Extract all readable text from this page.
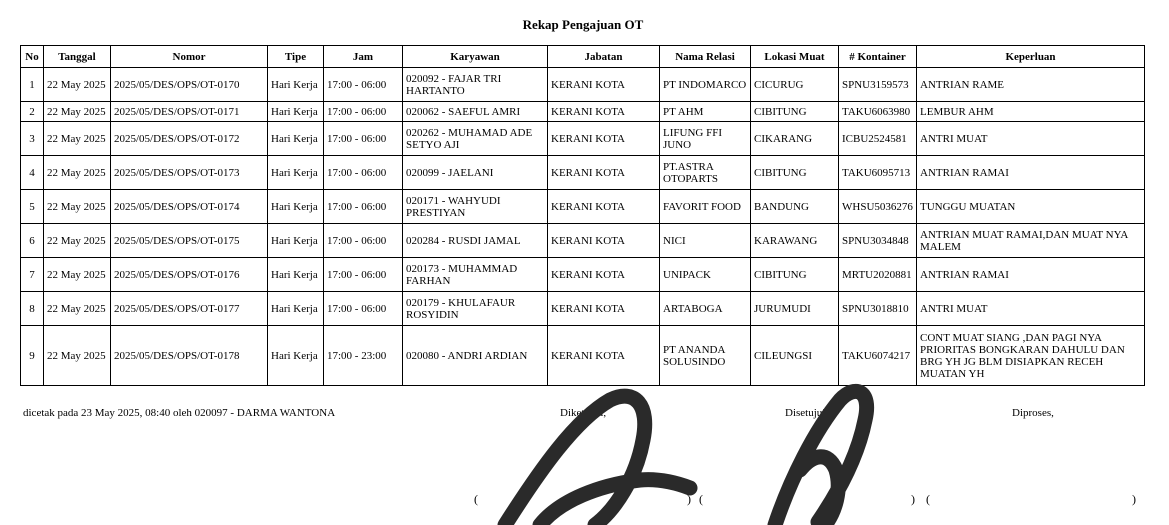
Rekap Pengajuan OT
No	Tanggal	Nomor	Tipe	Jam	Karyawan	Jabatan	Nama Relasi	Lokasi Muat	# Kontainer	Keperluan
1	22 May 2025	2025/05/DES/OPS/OT-0170	Hari Kerja	17:00 - 06:00	020092 - FAJAR TRI HARTANTO	KERANI KOTA	PT INDOMARCO	CICURUG	SPNU3159573	ANTRIAN RAME
2	22 May 2025	2025/05/DES/OPS/OT-0171	Hari Kerja	17:00 - 06:00	020062 - SAEFUL AMRI	KERANI KOTA	PT AHM	CIBITUNG	TAKU6063980	LEMBUR AHM
3	22 May 2025	2025/05/DES/OPS/OT-0172	Hari Kerja	17:00 - 06:00	020262 - MUHAMAD ADE SETYO AJI	KERANI KOTA	LIFUNG FFI JUNO	CIKARANG	ICBU2524581	ANTRI MUAT
4	22 May 2025	2025/05/DES/OPS/OT-0173	Hari Kerja	17:00 - 06:00	020099 - JAELANI	KERANI KOTA	PT.ASTRA OTOPARTS	CIBITUNG	TAKU6095713	ANTRIAN RAMAI
5	22 May 2025	2025/05/DES/OPS/OT-0174	Hari Kerja	17:00 - 06:00	020171 - WAHYUDI PRESTIYAN	KERANI KOTA	FAVORIT FOOD	BANDUNG	WHSU5036276	TUNGGU MUATAN
6	22 May 2025	2025/05/DES/OPS/OT-0175	Hari Kerja	17:00 - 06:00	020284 - RUSDI JAMAL	KERANI KOTA	NICI	KARAWANG	SPNU3034848	ANTRIAN MUAT RAMAI,DAN MUAT NYA MALEM
7	22 May 2025	2025/05/DES/OPS/OT-0176	Hari Kerja	17:00 - 06:00	020173 - MUHAMMAD FARHAN	KERANI KOTA	UNIPACK	CIBITUNG	MRTU2020881	ANTRIAN RAMAI
8	22 May 2025	2025/05/DES/OPS/OT-0177	Hari Kerja	17:00 - 06:00	020179 - KHULAFAUR ROSYIDIN	KERANI KOTA	ARTABOGA	JURUMUDI	SPNU3018810	ANTRI MUAT
9	22 May 2025	2025/05/DES/OPS/OT-0178	Hari Kerja	17:00 - 23:00	020080 - ANDRI ARDIAN	KERANI KOTA	PT ANANDA SOLUSINDO	CILEUNGSI	TAKU6074217	CONT MUAT SIANG ,DAN PAGI NYA PRIORITAS BONGKARAN DAHULU DAN BRG YH JG BLM DISIAPKAN RECEH MUATAN YH
dicetak pada 23 May 2025, 08:40 oleh 020097 - DARMA WANTONA	Diketahui,	Disetujui,	Diproses,
(	) (	) (	)
